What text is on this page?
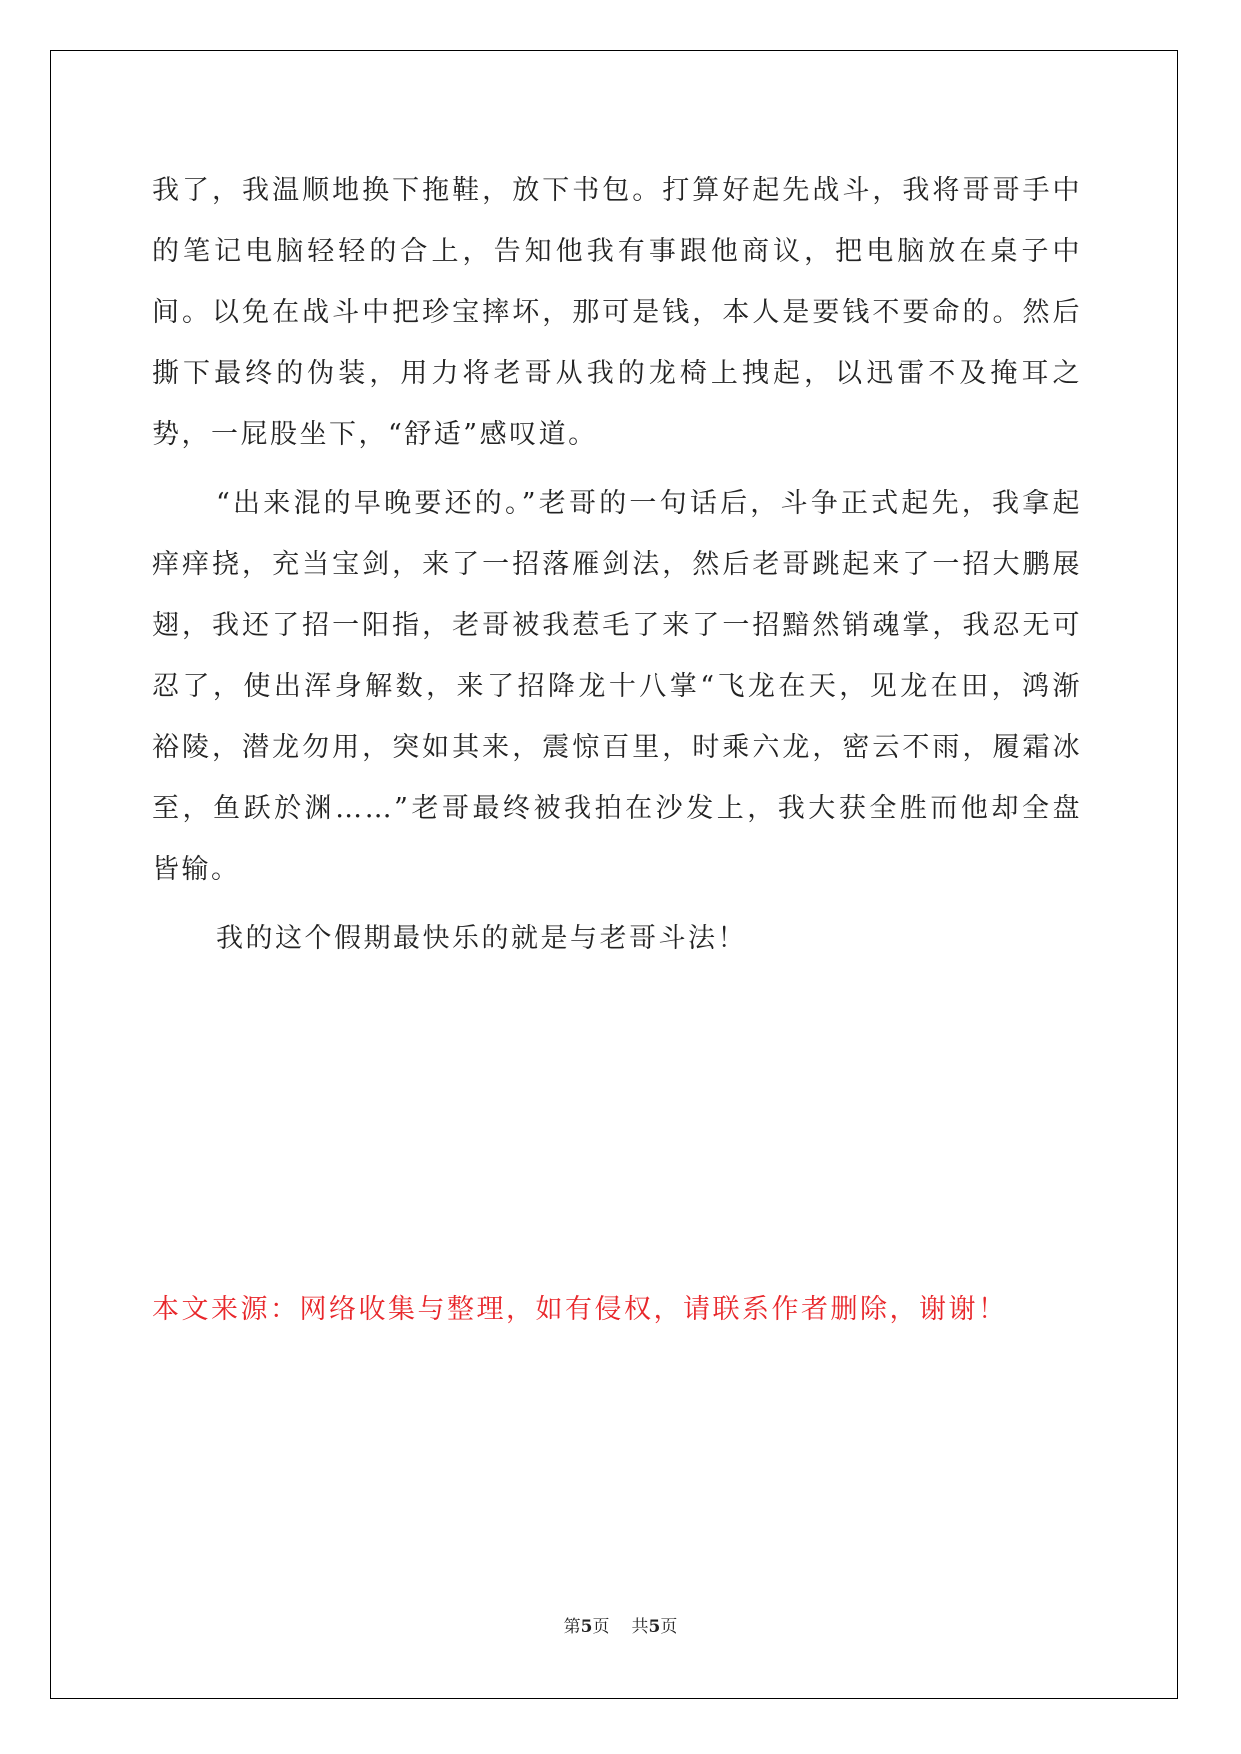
我了，我温顺地换下拖鞋，放下书包。打算好起先战斗，我将哥哥手中的笔记电脑轻轻的合上，告知他我有事跟他商议，把电脑放在桌子中间。以免在战斗中把珍宝摔坏，那可是钱，本人是要钱不要命的。然后撕下最终的伪装，用力将老哥从我的龙椅上拽起，以迅雷不及掩耳之势，一屁股坐下，“舒适”感叹道。

“出来混的早晚要还的。”老哥的一句话后，斗争正式起先，我拿起痒痒挠，充当宝剑，来了一招落雁剑法，然后老哥跳起来了一招大鹏展翅，我还了招一阳指，老哥被我惹毛了来了一招黯然销魂掌，我忍无可忍了，使出浑身解数，来了招降龙十八掌“飞龙在天，见龙在田，鸿渐裕陵，潜龙勿用，突如其来，震惊百里，时乘六龙，密云不雨，履霜冰至，鱼跃於渊……”老哥最终被我拍在沙发上，我大获全胜而他却全盘皆输。

我的这个假期最快乐的就是与老哥斗法！

本文来源：网络收集与整理，如有侵权，请联系作者删除，谢谢！

第5页 共5页
